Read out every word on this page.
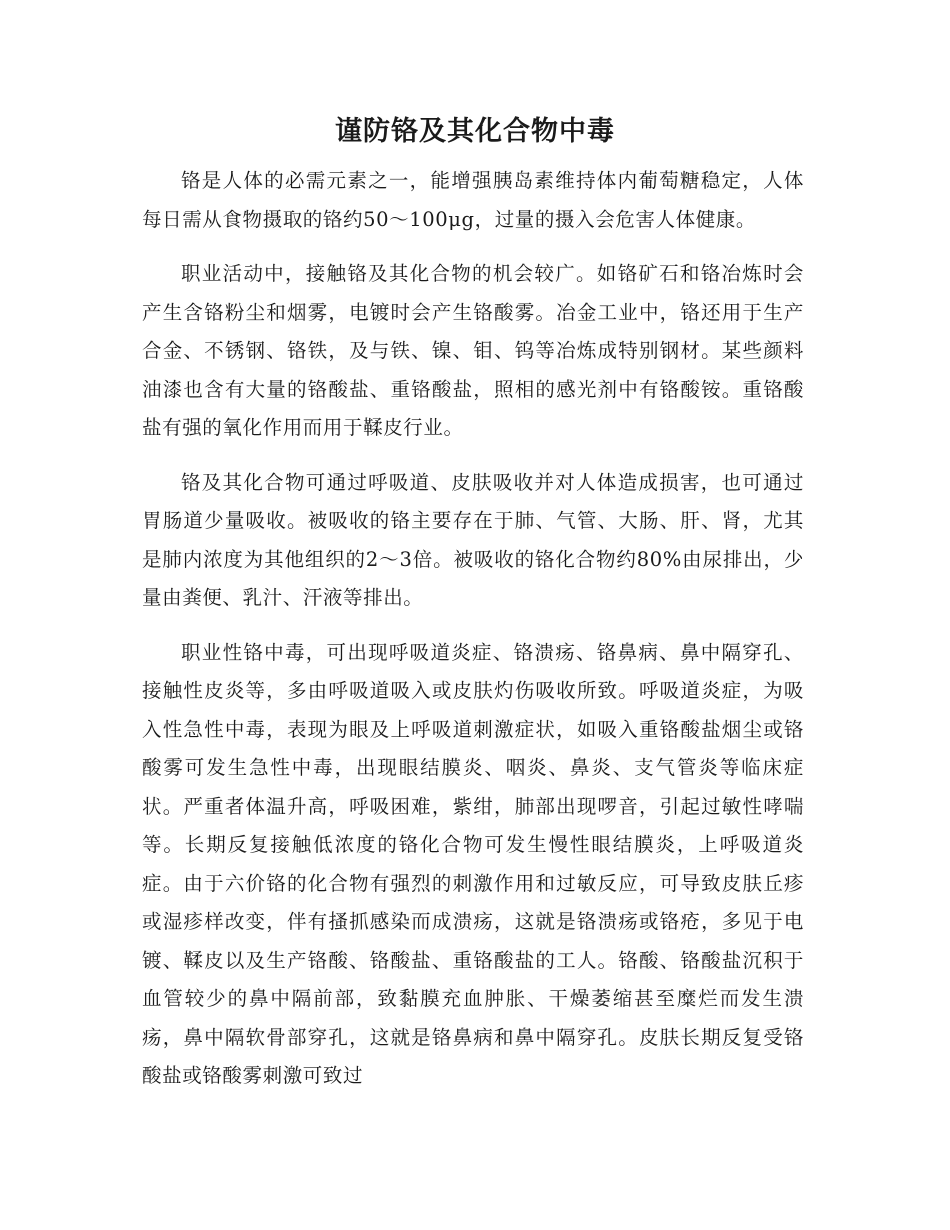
谨防铬及其化合物中毒

铬是人体的必需元素之一，能增强胰岛素维持体内葡萄糖稳定，人体每日需从食物摄取的铬约50～100μg，过量的摄入会危害人体健康。

职业活动中，接触铬及其化合物的机会较广。如铬矿石和铬冶炼时会产生含铬粉尘和烟雾，电镀时会产生铬酸雾。冶金工业中，铬还用于生产合金、不锈钢、铬铁，及与铁、镍、钼、钨等冶炼成特别钢材。某些颜料 油漆也含有大量的铬酸盐、重铬酸盐，照相的感光剂中有铬酸铵。重铬酸盐有强的氧化作用而用于鞣皮行业。

铬及其化合物可通过呼吸道、皮肤吸收并对人体造成损害，也可通过胃肠道少量吸收。被吸收的铬主要存在于肺、气管、大肠、肝、肾，尤其是肺内浓度为其他组织的2～3倍。被吸收的铬化合物约80%由尿排出，少量由粪便、乳汁、汗液等排出。

职业性铬中毒，可出现呼吸道炎症、铬溃疡、铬鼻病、鼻中隔穿孔、接触性皮炎等，多由呼吸道吸入或皮肤灼伤吸收所致。呼吸道炎症，为吸入性急性中毒，表现为眼及上呼吸道刺激症状，如吸入重铬酸盐烟尘或铬酸雾可发生急性中毒，出现眼结膜炎、咽炎、鼻炎、支气管炎等临床症状。严重者体温升高，呼吸困难，紫绀，肺部出现啰音，引起过敏性哮喘等。长期反复接触低浓度的铬化合物可发生慢性眼结膜炎，上呼吸道炎症。由于六价铬的化合物有强烈的刺激作用和过敏反应，可导致皮肤丘疹或湿疹样改变，伴有搔抓感染而成溃疡，这就是铬溃疡或铬疮，多见于电镀、鞣皮以及生产铬酸、铬酸盐、重铬酸盐的工人。铬酸、铬酸盐沉积于血管较少的鼻中隔前部，致黏膜充血肿胀、干燥萎缩甚至糜烂而发生溃疡，鼻中隔软骨部穿孔，这就是铬鼻病和鼻中隔穿孔。皮肤长期反复受铬酸盐或铬酸雾刺激可致过
